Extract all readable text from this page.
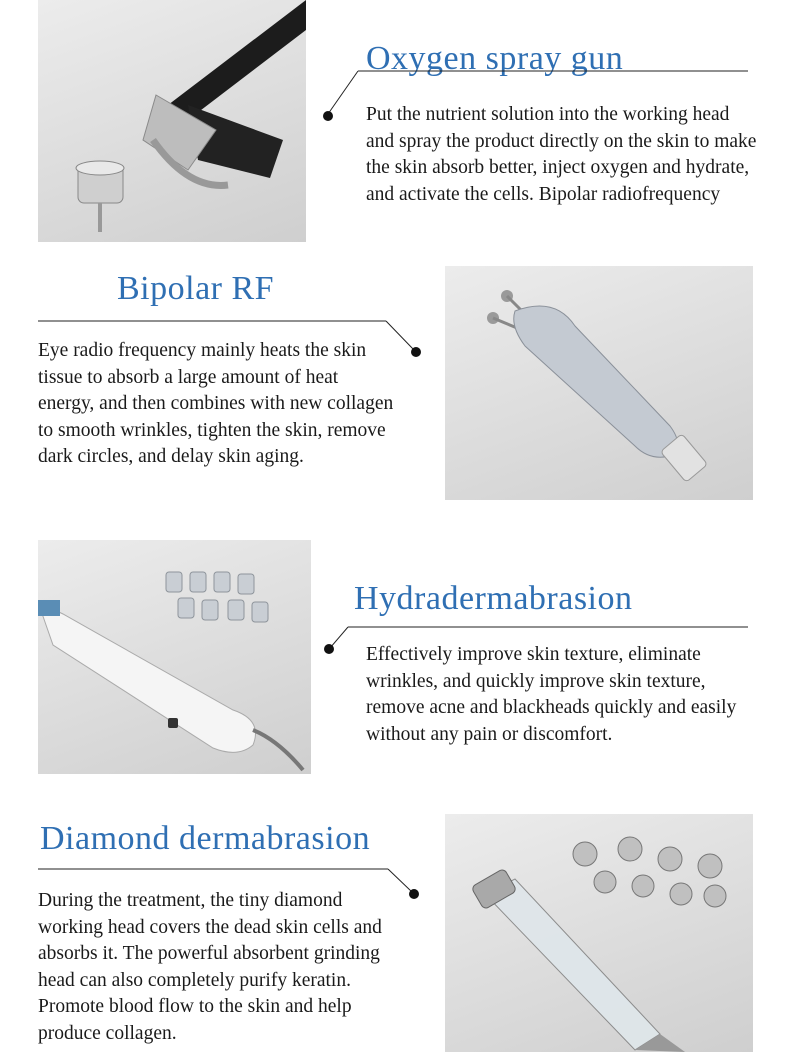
Oxygen spray gun

Put the nutrient solution into the working head and spray the product directly on the skin to make the skin absorb better, inject oxygen and hydrate, and activate the cells. Bipolar radiofrequency

Bipolar RF

Eye radio frequency mainly heats the skin tissue to absorb a large amount of heat energy, and then combines with new collagen to smooth wrinkles, tighten the skin, remove dark circles, and delay skin aging.

Hydradermabrasion

Effectively improve skin texture, eliminate wrinkles, and quickly improve skin texture, remove acne and blackheads quickly and easily without any pain or discomfort.

Diamond dermabrasion

During the treatment, the tiny diamond working head covers the dead skin cells and absorbs it. The powerful absorbent grinding head can also completely purify keratin. Promote blood flow to the skin and help produce collagen.
